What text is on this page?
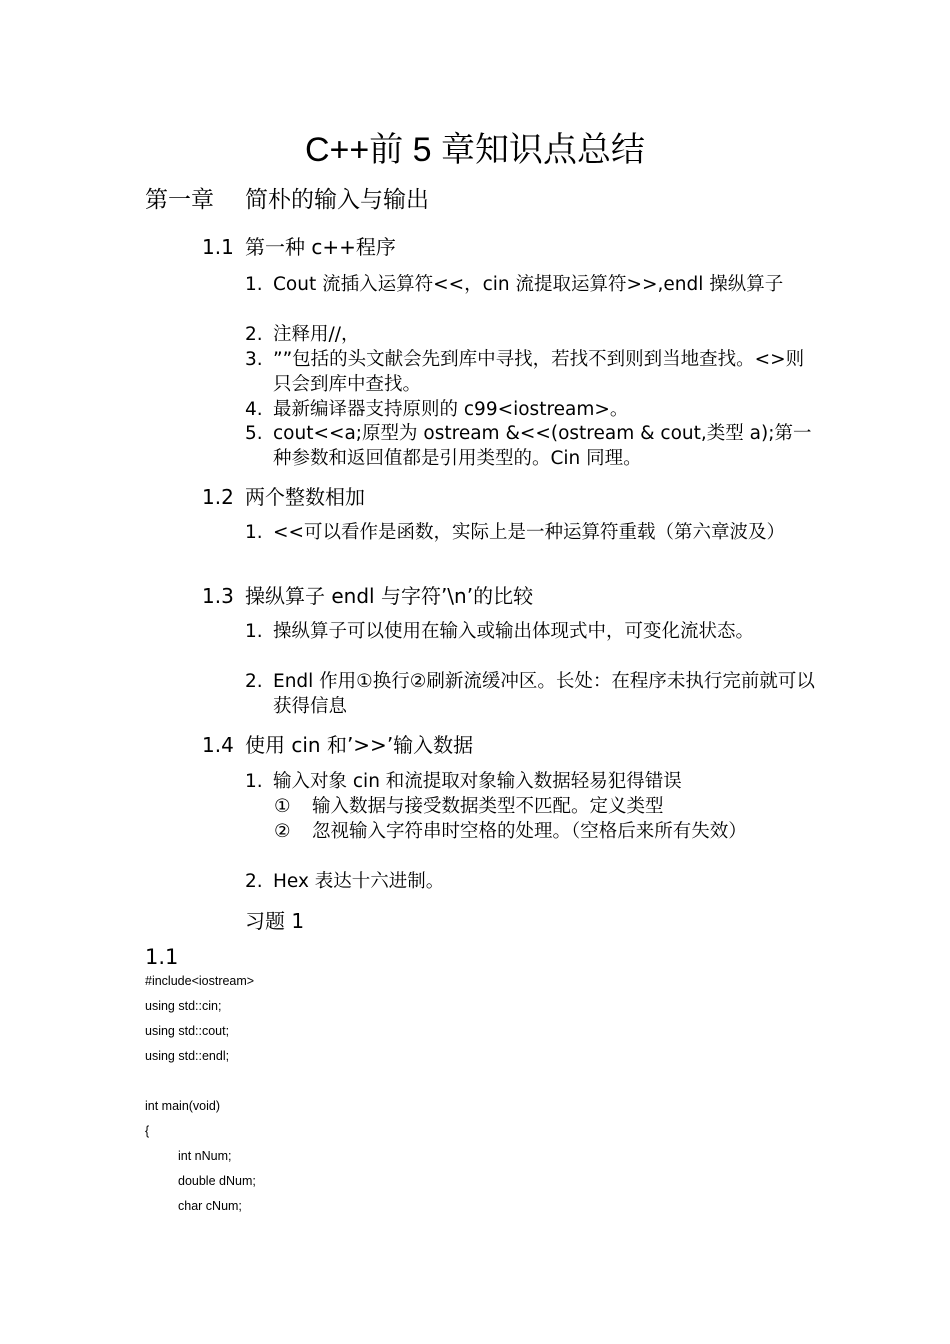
C++前 5 章知识点总结
第一章 简朴的输入与输出
1.1 第一种 c++程序
1. Cout 流插入运算符<<，cin 流提取运算符>>,endl 操纵算子
2. 注释用//，
3. ””包括的头文献会先到库中寻找，若找不到则到当地查找。<>则只会到库中查找。
4. 最新编译器支持原则的 c99<iostream>。
5. cout<<a;原型为 ostream &<<(ostream & cout,类型 a);第一种参数和返回值都是引用类型的。Cin 同理。
1.2 两个整数相加
1. <<可以看作是函数，实际上是一种运算符重载（第六章波及）
1.3 操纵算子 endl 与字符’\n’的比较
1. 操纵算子可以使用在输入或输出体现式中，可变化流状态。
2. Endl 作用①换行②刷新流缓冲区。长处：在程序未执行完前就可以获得信息
1.4 使用 cin 和’>>’输入数据
1. 输入对象 cin 和流提取对象输入数据轻易犯得错误
① 输入数据与接受数据类型不匹配。定义类型
② 忽视输入字符串时空格的处理。（空格后来所有失效）
2. Hex 表达十六进制。
习题 1
1.1
#include<iostream>
using std::cin;
using std::cout;
using std::endl;
int main(void)
{
int nNum;
double dNum;
char cNum;
